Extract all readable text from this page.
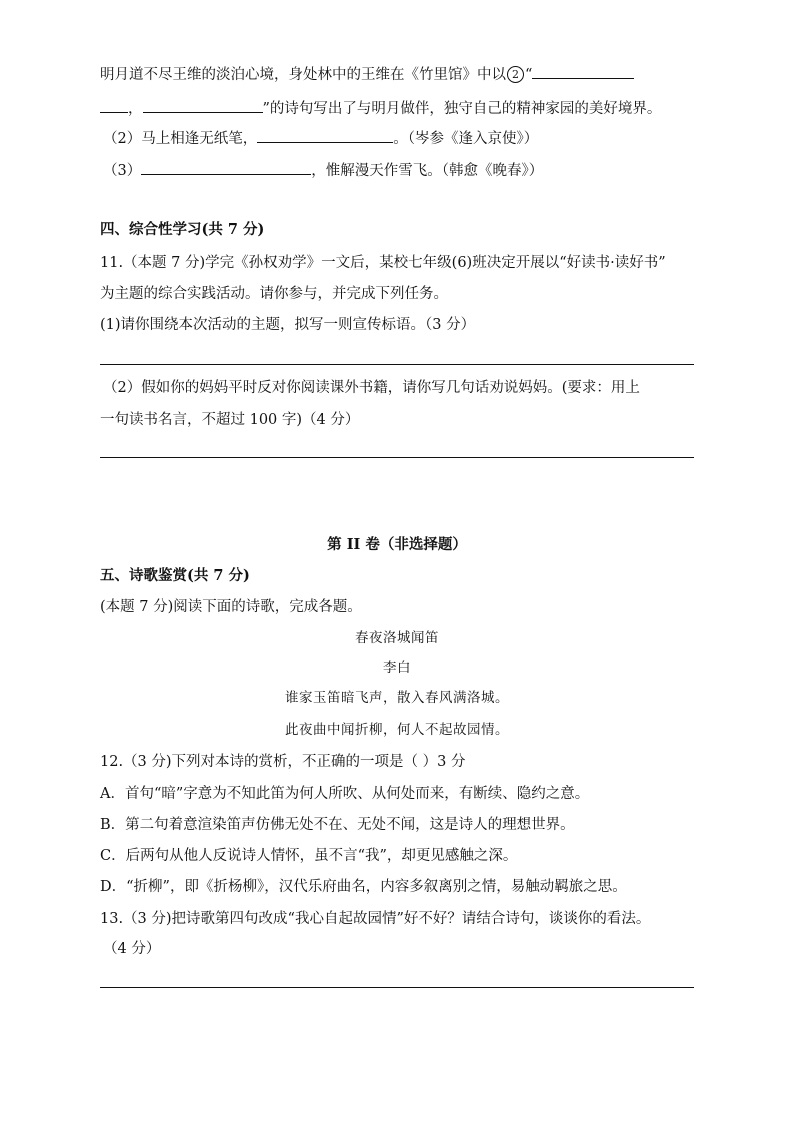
明月道不尽王维的淡泊心境，身处林中的王维在《竹里馆》中以 2 “
，	”的诗句写出了与明月做伴，独守自己的精神家园的美好境界。
（2）马上相逢无纸笔，	。（岑参《逢入京使》）
（3）	，惟解漫天作雪飞。（韩愈《晚春》）
四、综合性学习(共 7 分)
11.（本题 7 分)学完《孙权劝学》一文后，某校七年级(6)班决定开展以“好读书·读好书”
为主题的综合实践活动。请你参与，并完成下列任务。
(1)请你围绕本次活动的主题，拟写一则宣传标语。（3 分）
（2）假如你的妈妈平时反对你阅读课外书籍，请你写几句话劝说妈妈。(要求：用上
一句读书名言，不超过 100 字)（4 分）
第 II 卷（非选择题）
五、诗歌鉴赏(共 7 分)
(本题 7 分)阅读下面的诗歌，完成各题。
春夜洛城闻笛
李白
谁家玉笛暗飞声，散入春风满洛城。
此夜曲中闻折柳，何人不起故园情。
12.（3 分)下列对本诗的赏析，不正确的一项是（ ）3 分
A．首句“暗”字意为不知此笛为何人所吹、从何处而来，有断续、隐约之意。
B．第二句着意渲染笛声仿佛无处不在、无处不闻，这是诗人的理想世界。
C．后两句从他人反说诗人情怀，虽不言“我”，却更见感触之深。
D．“折柳”，即《折杨柳》，汉代乐府曲名，内容多叙离别之情，易触动羁旅之思。
13.（3 分)把诗歌第四句改成“我心自起故园情”好不好？请结合诗句，谈谈你的看法。
（4 分）
